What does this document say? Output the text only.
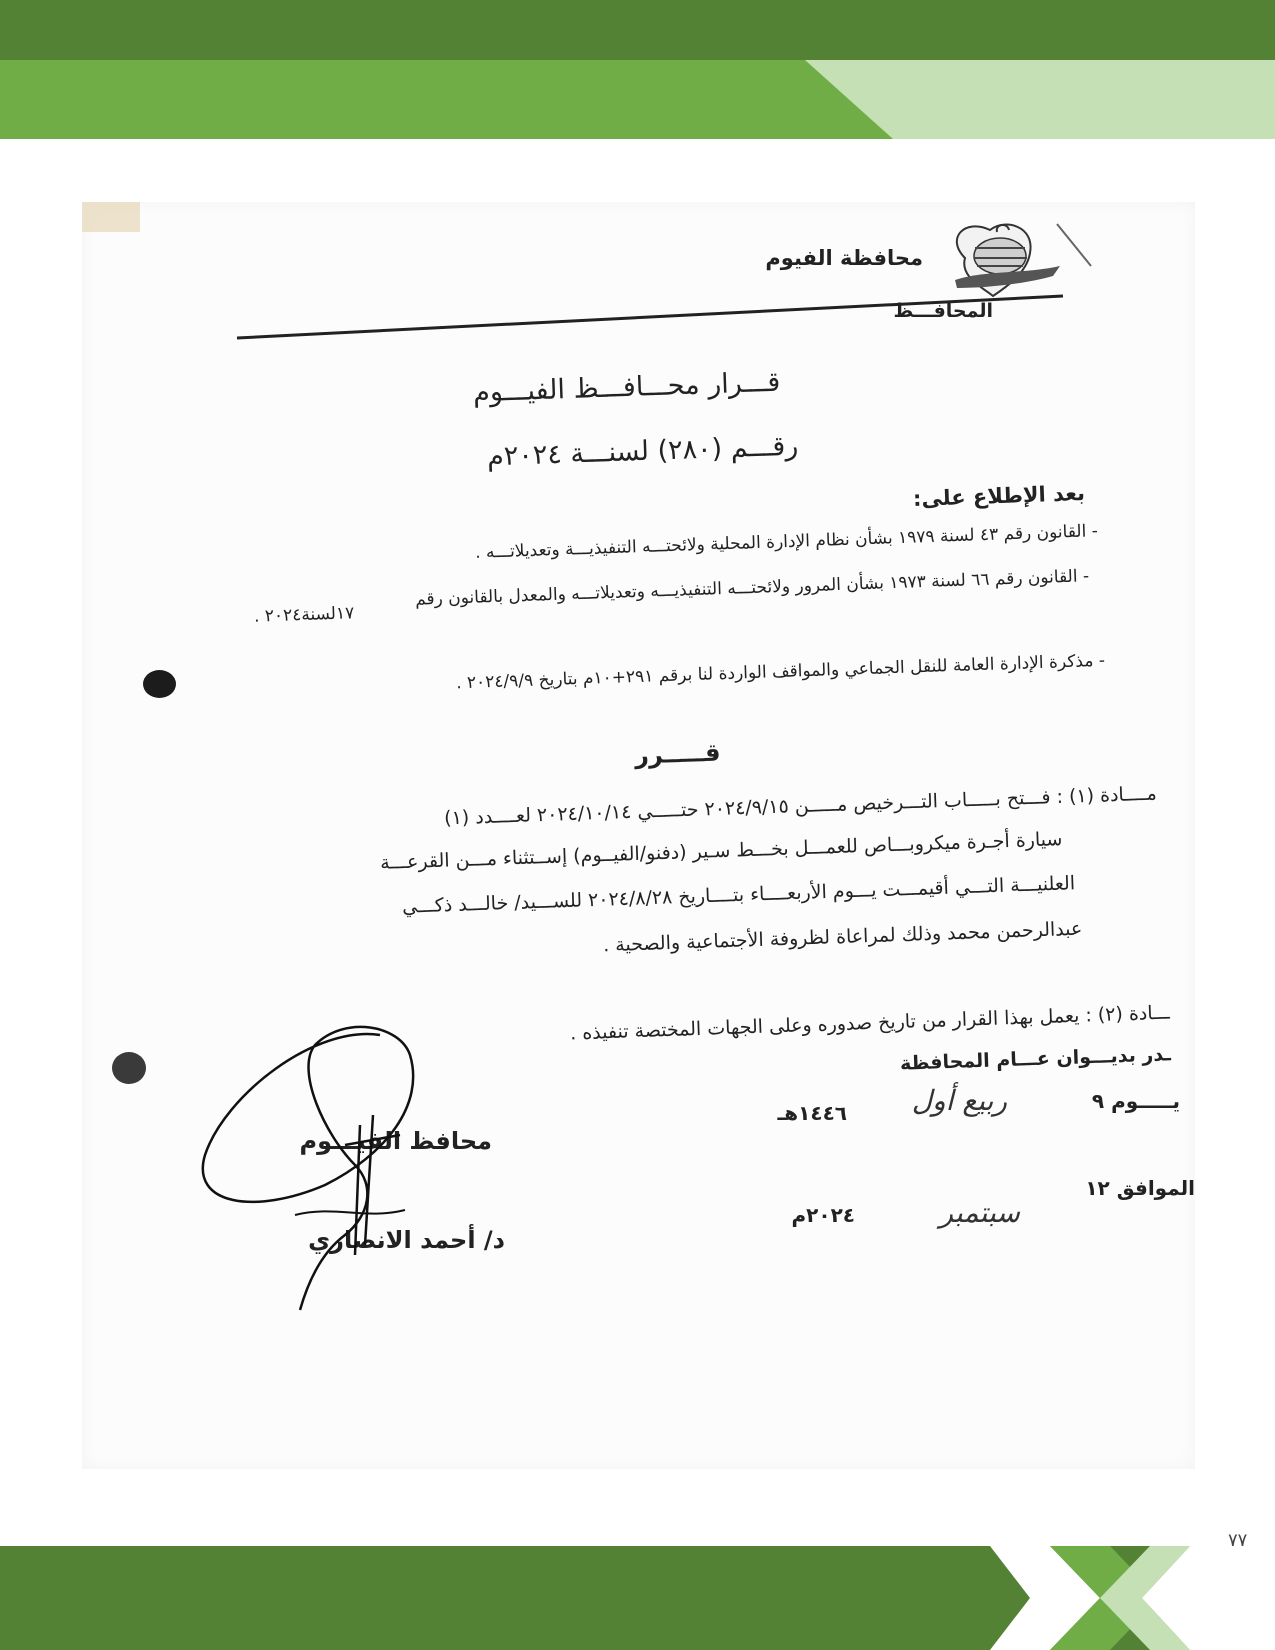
محافظة الفيوم
المحافـــظ
قـــرار محـــافـــظ الفيـــوم
رقـــم (٢٨٠) لسنـــة ٢٠٢٤م
بعد الإطلاع على:
- القانون رقم ٤٣ لسنة ١٩٧٩ بشأن نظام الإدارة المحلية ولائحتـــه التنفيذيـــة وتعديلاتـــه .
- القانون رقم ٦٦ لسنة ١٩٧٣ بشأن المرور ولائحتـــه التنفيذيـــه وتعديلاتـــه والمعدل بالقانون رقم
١٧لسنة٢٠٢٤ .
- مذكرة الإدارة العامة للنقل الجماعي والمواقف الواردة لنا برقم ٢٩١+١٠م بتاريخ ٢٠٢٤/٩/٩ .
قـــــرر
مــــادة (١) : فـــتح بـــــاب التـــرخيص مـــــن ٢٠٢٤/٩/١٥ حتـــــي ٢٠٢٤/١٠/١٤ لعــــدد (١)
سيارة أجـرة ميكروبـــاص للعمـــل بخـــط سـير (دفنو/الفيــوم) إســتثناء مـــن القرعـــة
العلنيـــة التـــي أقيمـــت يـــوم الأربعــــاء بتــــاريخ ٢٠٢٤/٨/٢٨ للســـيد/ خالـــد ذكـــي
عبدالرحمن محمد وذلك لمراعاة لظروفة الأجتماعية والصحية .
ـــادة (٢) : يعمل بهذا القرار من تاريخ صدوره وعلى الجهات المختصة تنفيذه .
ـدر بديـــوان عـــام المحافظة
يـــــوم ٩
ربيع أول
١٤٤٦هـ
الموافق ١٢
سبتمبر
٢٠٢٤م
محافظ الفيـــوم
د/ أحمد الانصاري
٧٧
